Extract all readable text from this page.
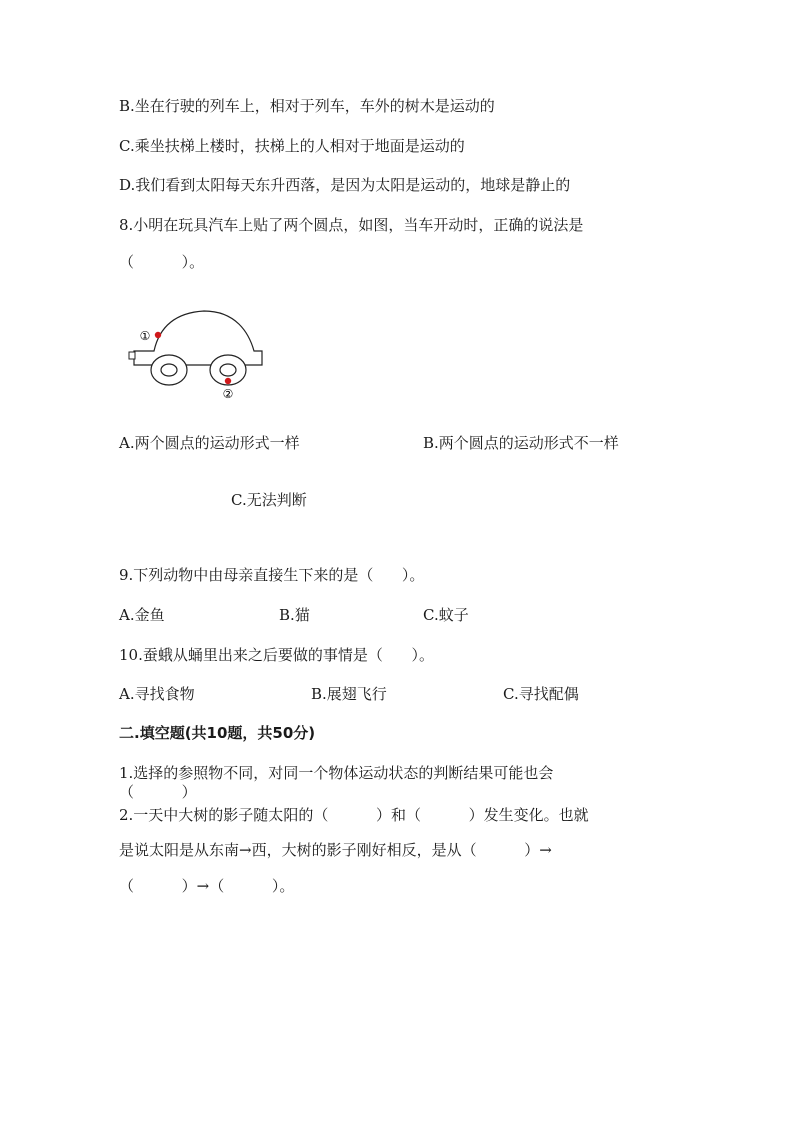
B.坐在行驶的列车上，相对于列车，车外的树木是运动的
C.乘坐扶梯上楼时，扶梯上的人相对于地面是运动的
D.我们看到太阳每天东升西落，是因为太阳是运动的，地球是静止的
8.小明在玩具汽车上贴了两个圆点，如图，当车开动时，正确的说法是
（          ）。
①
②
A.两个圆点的运动形式一样	B.两个圆点的运动形式不一样
C.无法判断
9.下列动物中由母亲直接生下来的是（      ）。
A.金鱼	B.猫	C.蚊子
10.蚕蛾从蛹里出来之后要做的事情是（      ）。
A.寻找食物	B.展翅飞行	C.寻找配偶
二.填空题(共10题，共50分)
1.选择的参照物不同，对同一个物体运动状态的判断结果可能也会
（          ）
2.一天中大树的影子随太阳的（          ）和（          ）发生变化。也就
是说太阳是从东南→西，大树的影子刚好相反，是从（          ）→
（          ）→（          ）。
